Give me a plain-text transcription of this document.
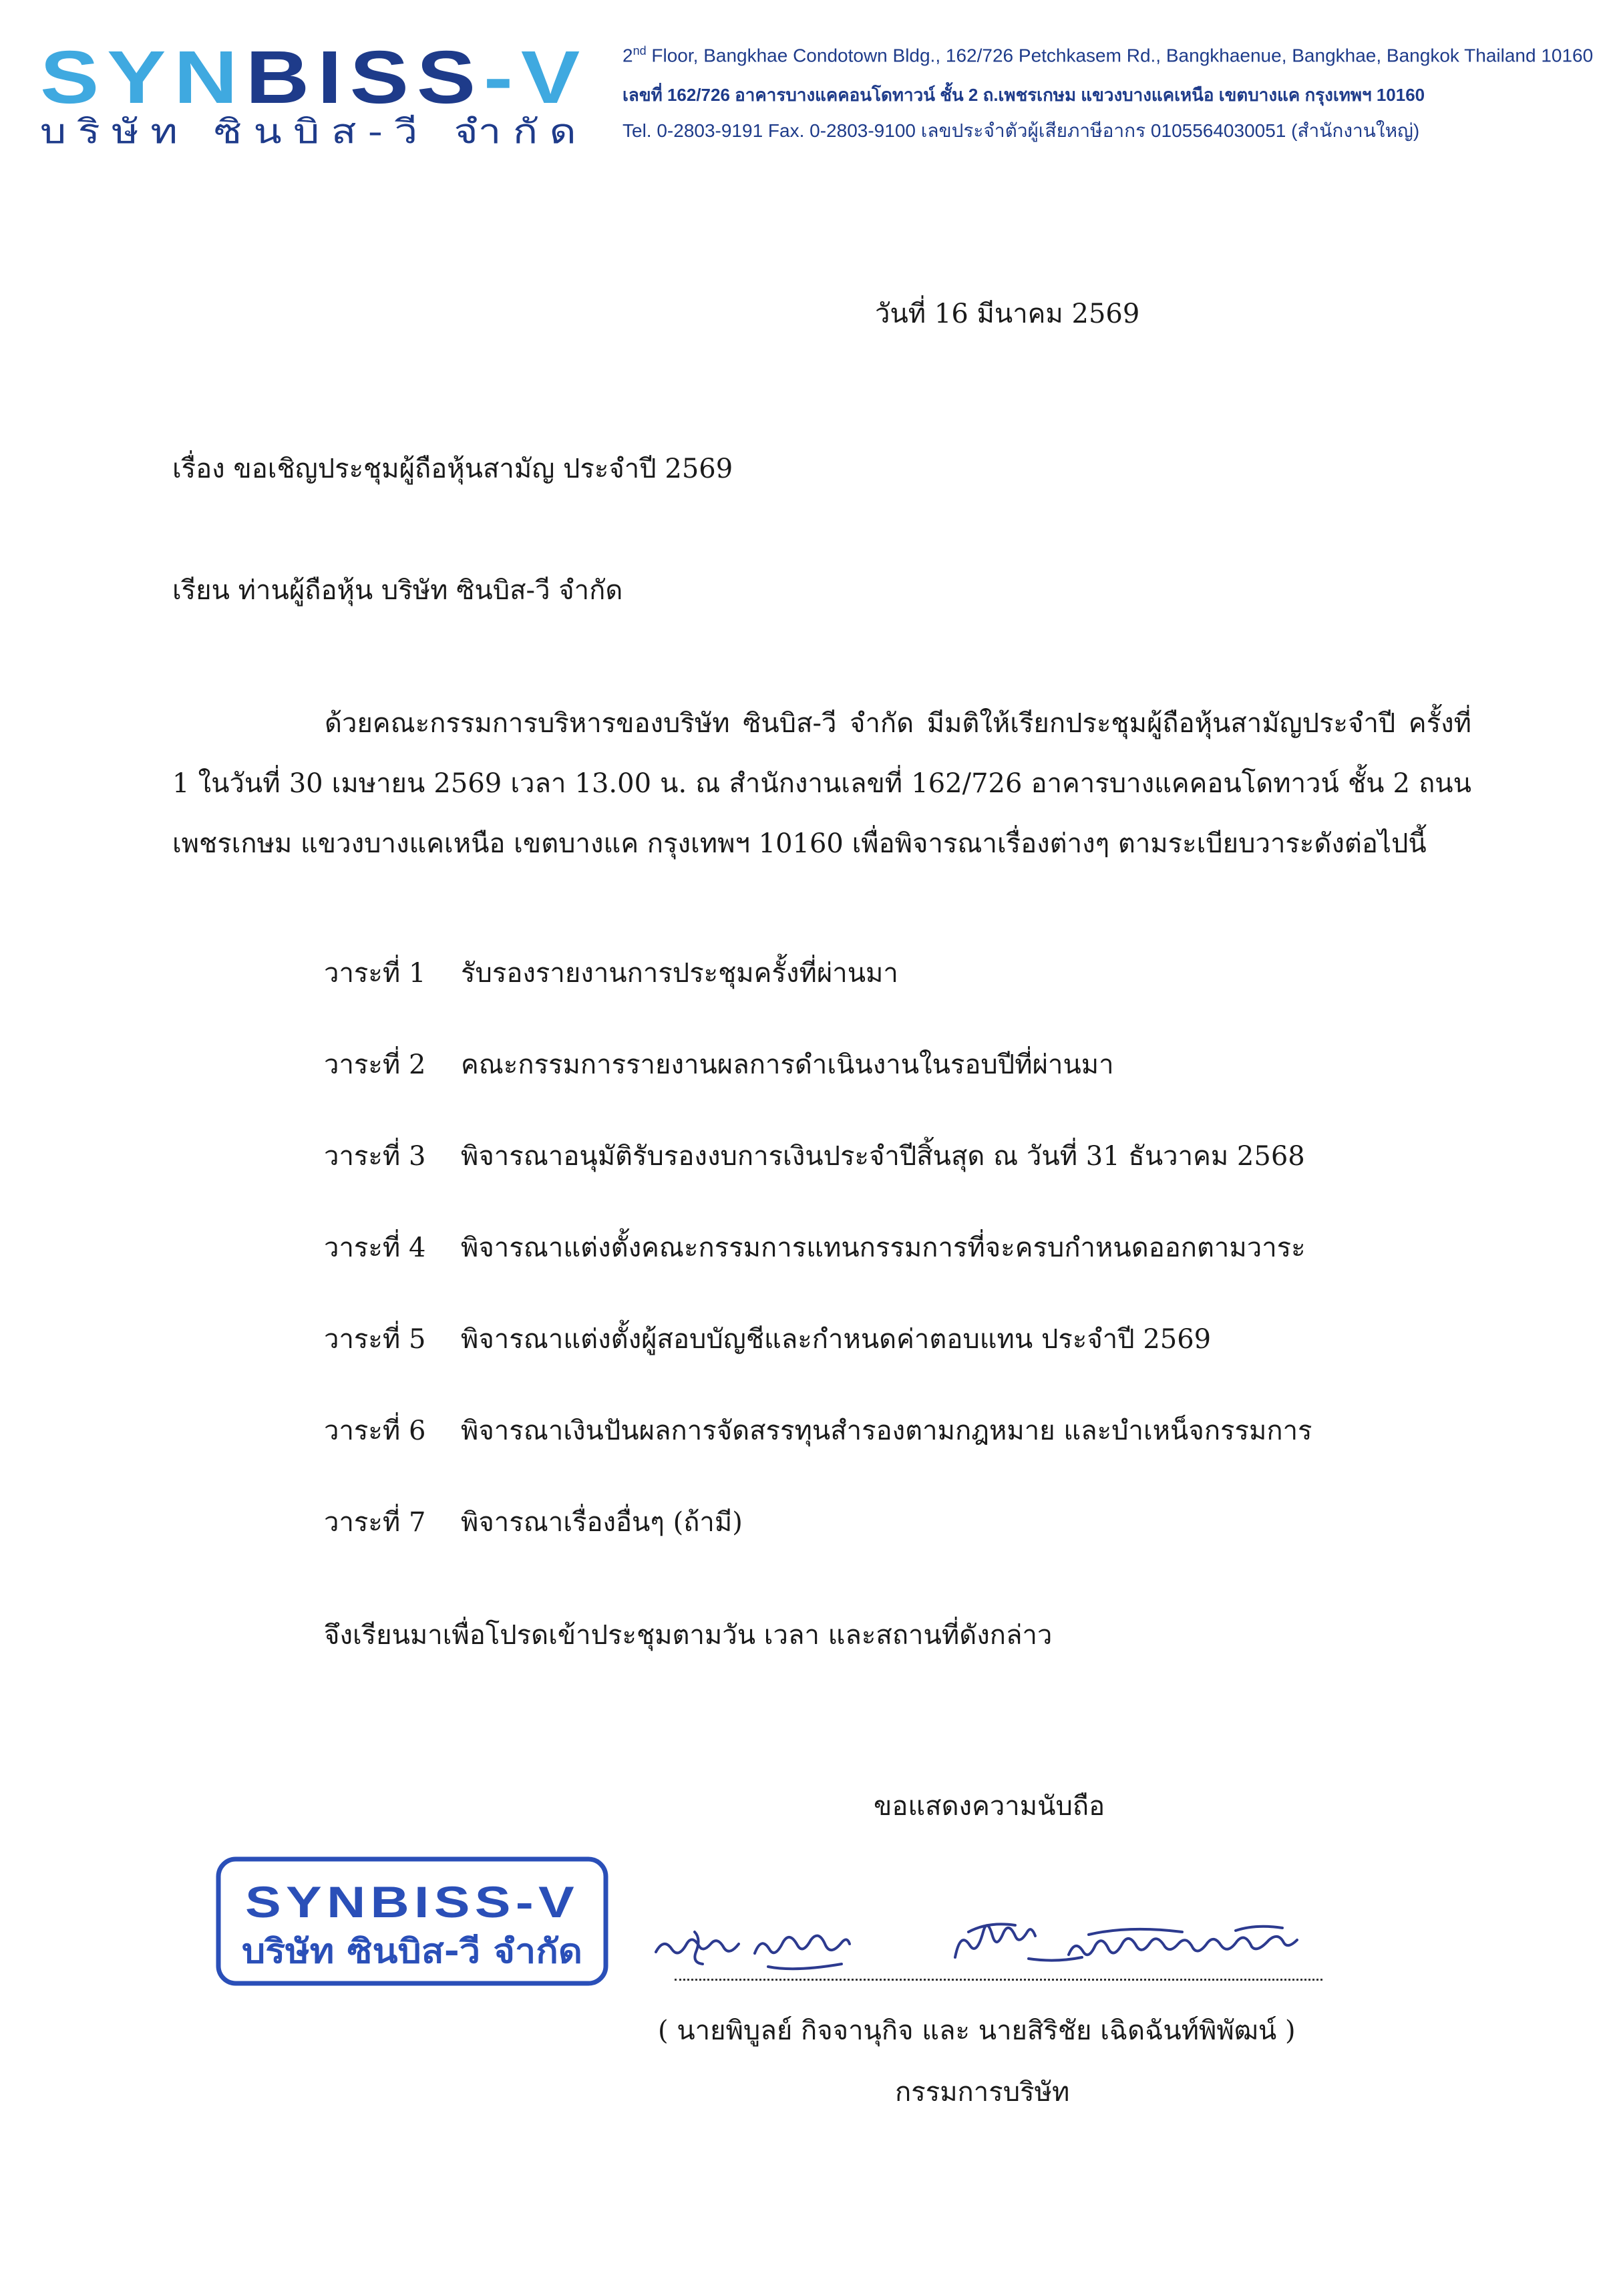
SYN BISS -V
บริษัท ซินบิส-วี จำกัด
2nd Floor, Bangkhae Condotown Bldg., 162/726 Petchkasem Rd., Bangkhaenue, Bangkhae, Bangkok Thailand 10160
เลขที่ 162/726 อาคารบางแคคอนโดทาวน์ ชั้น 2 ถ.เพชรเกษม แขวงบางแคเหนือ เขตบางแค กรุงเทพฯ 10160
Tel. 0-2803-9191 Fax. 0-2803-9100 เลขประจำตัวผู้เสียภาษีอากร 0105564030051 (สำนักงานใหญ่)
วันที่ 16 มีนาคม 2569
เรื่อง ขอเชิญประชุมผู้ถือหุ้นสามัญ ประจำปี 2569
เรียน ท่านผู้ถือหุ้น บริษัท ซินบิส-วี จำกัด
ด้วยคณะกรรมการบริหารของบริษัท ซินบิส-วี จำกัด มีมติให้เรียกประชุมผู้ถือหุ้นสามัญประจำปี ครั้งที่ 1 ในวันที่ 30 เมษายน 2569 เวลา 13.00 น. ณ สำนักงานเลขที่ 162/726 อาคารบางแคคอนโดทาวน์ ชั้น 2 ถนนเพชรเกษม แขวงบางแคเหนือ เขตบางแค กรุงเทพฯ 10160 เพื่อพิจารณาเรื่องต่างๆ ตามระเบียบวาระดังต่อไปนี้
วาระที่ 1	รับรองรายงานการประชุมครั้งที่ผ่านมา
วาระที่ 2	คณะกรรมการรายงานผลการดำเนินงานในรอบปีที่ผ่านมา
วาระที่ 3	พิจารณาอนุมัติรับรองงบการเงินประจำปีสิ้นสุด ณ วันที่ 31 ธันวาคม 2568
วาระที่ 4	พิจารณาแต่งตั้งคณะกรรมการแทนกรรมการที่จะครบกำหนดออกตามวาระ
วาระที่ 5	พิจารณาแต่งตั้งผู้สอบบัญชีและกำหนดค่าตอบแทน ประจำปี 2569
วาระที่ 6	พิจารณาเงินปันผลการจัดสรรทุนสำรองตามกฎหมาย และบำเหน็จกรรมการ
วาระที่ 7	พิจารณาเรื่องอื่นๆ (ถ้ามี)
จึงเรียนมาเพื่อโปรดเข้าประชุมตามวัน เวลา และสถานที่ดังกล่าว
ขอแสดงความนับถือ
SYNBISS-V
บริษัท ซินบิส-วี จำกัด
( นายพิบูลย์ กิจจานุกิจ และ นายสิริชัย เฉิดฉันท์พิพัฒน์ )
กรรมการบริษัท
